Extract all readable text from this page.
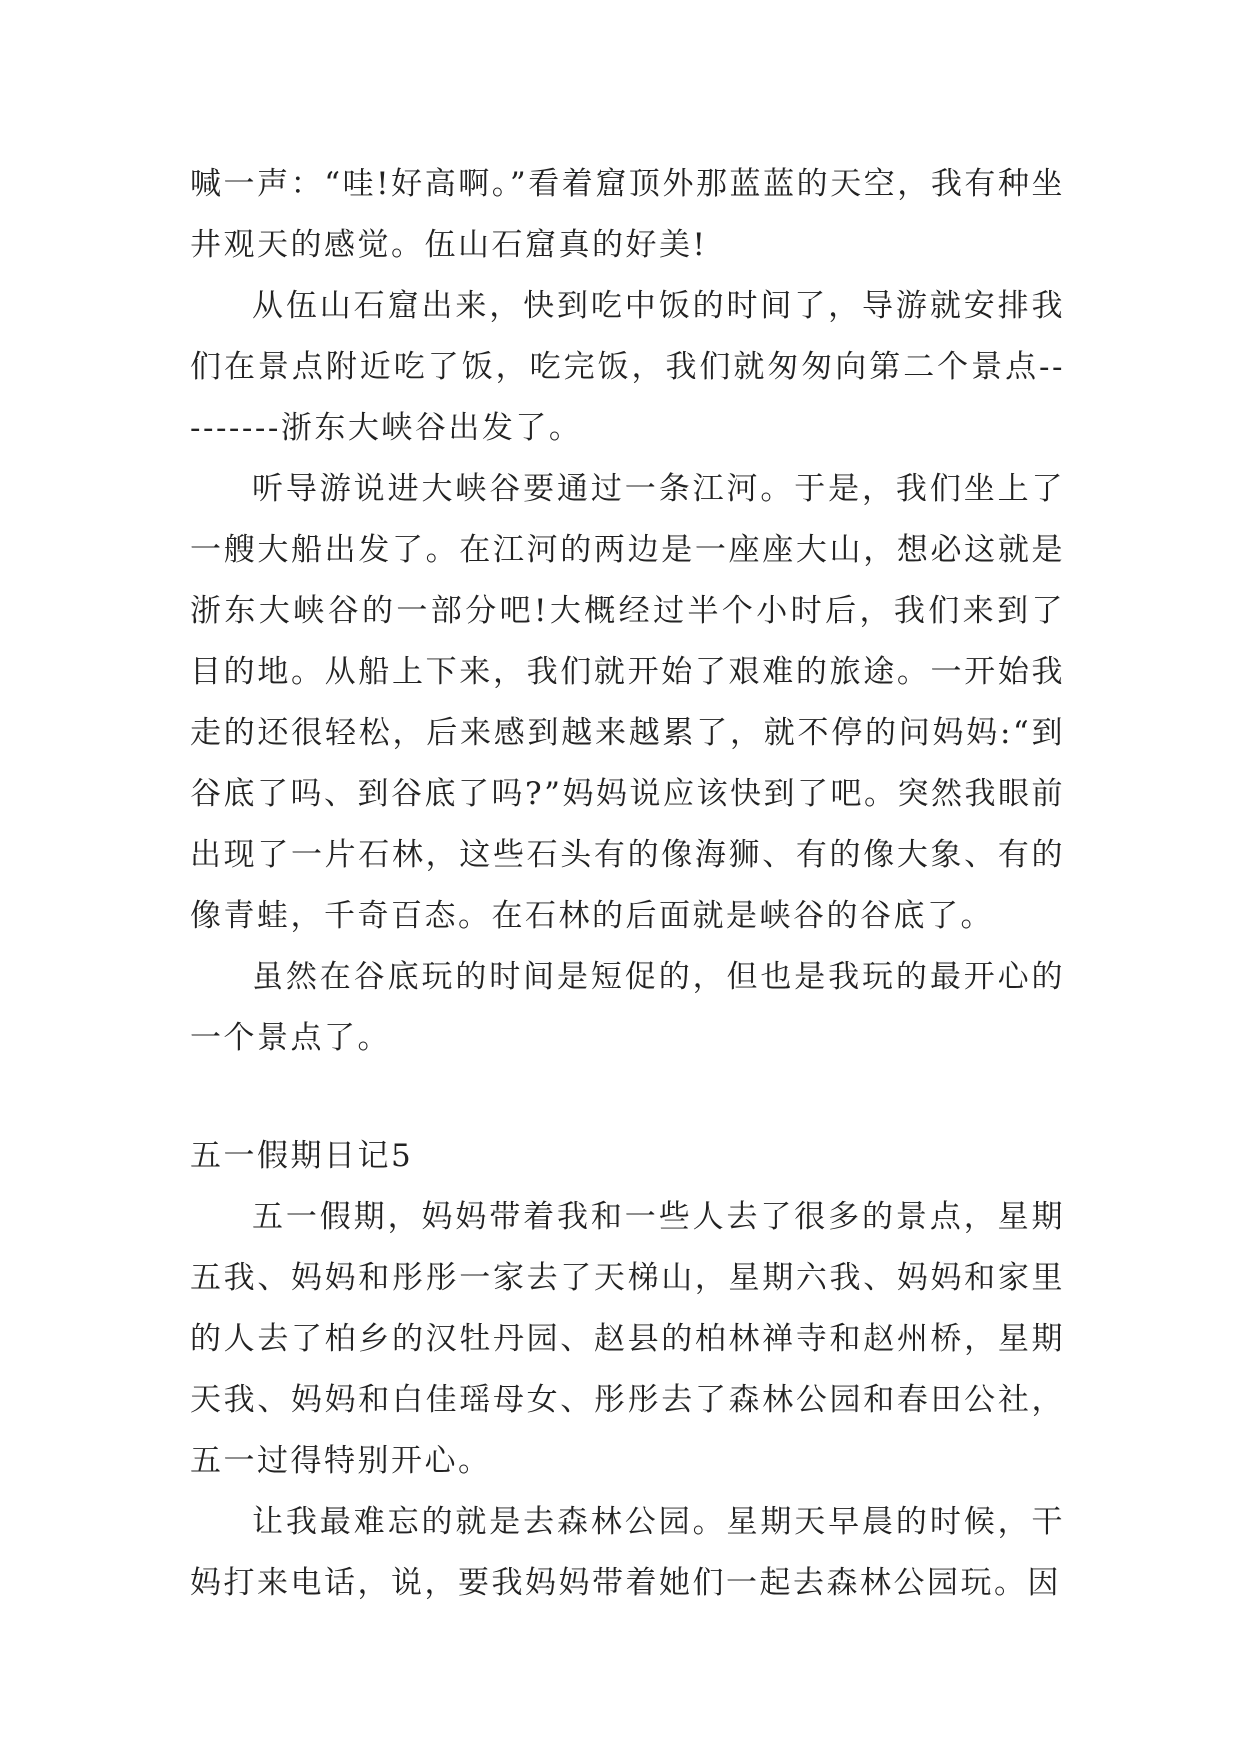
喊一声：“哇!好高啊。”看着窟顶外那蓝蓝的天空，我有种坐井观天的感觉。伍山石窟真的好美!

从伍山石窟出来，快到吃中饭的时间了，导游就安排我们在景点附近吃了饭，吃完饭，我们就匆匆向第二个景点---------浙东大峡谷出发了。

听导游说进大峡谷要通过一条江河。于是，我们坐上了一艘大船出发了。在江河的两边是一座座大山，想必这就是浙东大峡谷的一部分吧!大概经过半个小时后，我们来到了目的地。从船上下来，我们就开始了艰难的旅途。一开始我走的还很轻松，后来感到越来越累了，就不停的问妈妈:“到谷底了吗、到谷底了吗?”妈妈说应该快到了吧。突然我眼前出现了一片石林，这些石头有的像海狮、有的像大象、有的像青蛙，千奇百态。在石林的后面就是峡谷的谷底了。

虽然在谷底玩的时间是短促的，但也是我玩的最开心的一个景点了。

五一假期日记5

五一假期，妈妈带着我和一些人去了很多的景点，星期五我、妈妈和彤彤一家去了天梯山，星期六我、妈妈和家里的人去了柏乡的汉牡丹园、赵县的柏林禅寺和赵州桥，星期天我、妈妈和白佳瑶母女、彤彤去了森林公园和春田公社，五一过得特别开心。

让我最难忘的就是去森林公园。星期天早晨的时候，干妈打来电话，说，要我妈妈带着她们一起去森林公园玩。因
